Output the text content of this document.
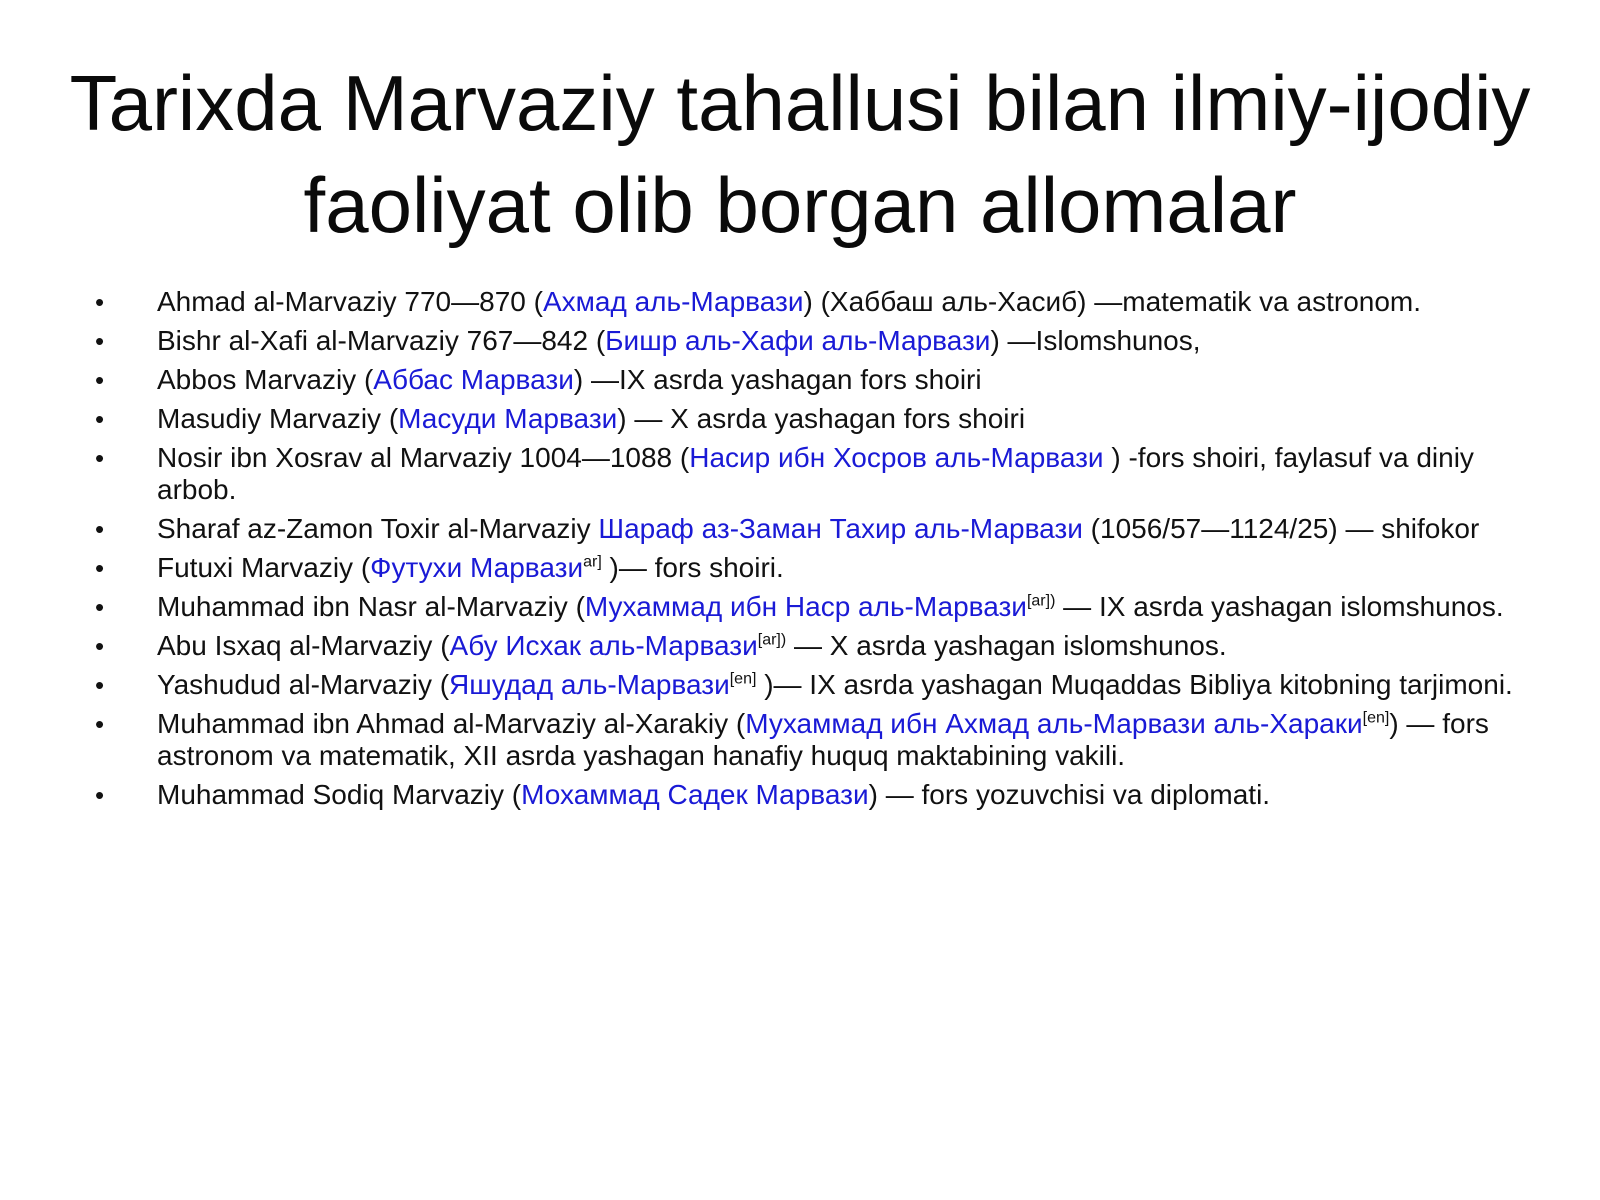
Tarixda Marvaziy tahallusi bilan ilmiy-ijodiy faoliyat olib borgan allomalar
• Ahmad al-Marvaziy 770—870 (Ахмад аль-Марвази) (Хаббаш аль-Хасиб) —matematik va astronom.
• Bishr al-Xafi al-Marvaziy 767—842 (Бишр аль-Хафи аль-Марвази) —Islomshunos,
• Abbos Marvaziy (Аббас Марвази) —IX asrda yashagan fors shoiri
• Masudiy Marvaziy (Масуди Марвази) — X asrda yashagan fors shoiri
• Nosir ibn Xosrav al Marvaziy 1004—1088 (Насир ибн Хосров аль-Марвази ) -fors shoiri, faylasuf va diniy arbob.
• Sharaf az-Zamon Toxir al-Marvaziy Шараф аз-Заман Тахир аль-Марвази (1056/57—1124/25) — shifokor
• Futuxi Marvaziy (Футухи Марвази$^{ar]}$ )— fors shoiri.
• Muhammad ibn Nasr al-Marvaziy (Мухаммад ибн Наср аль-Марвази$^{[ar])}$ — IX asrda yashagan islomshunos.
• Abu Isxaq al-Marvaziy (Абу Исхак аль-Марвази$^{[ar])}$ — X asrda yashagan islomshunos.
• Yashudud al-Marvaziy (Яшудад аль-Марвази[en] )— IX asrda yashagan Muqaddas Bibliya kitobning tarjimoni.
• Muhammad ibn Ahmad al-Marvaziy al-Xarakiy (Мухаммад ибн Ахмад аль-Марвази аль-Хараки[en]) — fors astronom va matematik, XII asrda yashagan hanafiy huquq maktabining vakili.
• Muhammad Sodiq Marvaziy (Мохаммад Садек Марвази) — fors yozuvchisi va diplomati.
